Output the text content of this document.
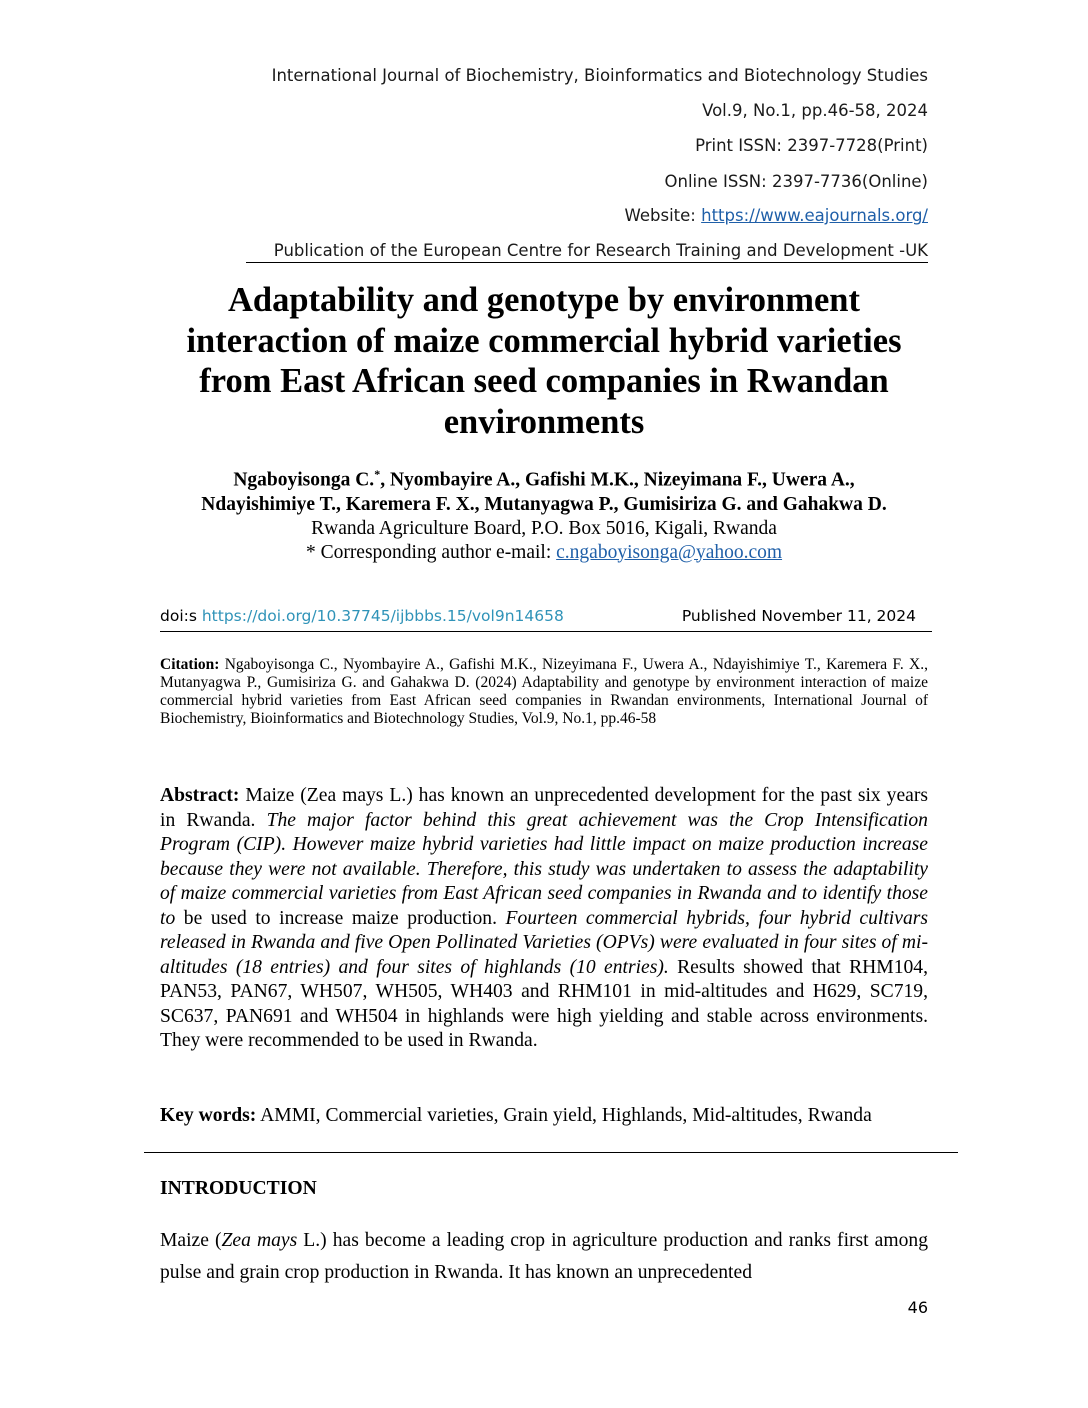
International Journal of Biochemistry, Bioinformatics and Biotechnology Studies
Vol.9, No.1, pp.46-58, 2024
Print ISSN: 2397-7728(Print)
Online ISSN: 2397-7736(Online)
Website: https://www.eajournals.org/
Publication of the European Centre for Research Training and Development -UK
Adaptability and genotype by environment
interaction of maize commercial hybrid varieties
from East African seed companies in Rwandan
environments
Ngaboyisonga C.*, Nyombayire A., Gafishi M.K., Nizeyimana F., Uwera A.,
Ndayishimiye T., Karemera F. X., Mutanyagwa P., Gumisiriza G. and Gahakwa D.
Rwanda Agriculture Board, P.O. Box 5016, Kigali, Rwanda
* Corresponding author e-mail: c.ngaboyisonga@yahoo.com
doi:s https://doi.org/10.37745/ijbbbs.15/vol9n14658	Published November 11, 2024
Citation: Ngaboyisonga C., Nyombayire A., Gafishi M.K., Nizeyimana F., Uwera A., Ndayishimiye T., Karemera F. X., Mutanyagwa P., Gumisiriza G. and Gahakwa D. (2024) Adaptability and genotype by environment interaction of maize commercial hybrid varieties from East African seed companies in Rwandan environments, International Journal of Biochemistry, Bioinformatics and Biotechnology Studies, Vol.9, No.1, pp.46-58
Abstract: Maize (Zea mays L.) has known an unprecedented development for the past six years in Rwanda. The major factor behind this great achievement was the Crop Intensification Program (CIP). However maize hybrid varieties had little impact on maize production increase because they were not available. Therefore, this study was undertaken to assess the adaptability of maize commercial varieties from East African seed companies in Rwanda and to identify those to be used to increase maize production. Fourteen commercial hybrids, four hybrid cultivars released in Rwanda and five Open Pollinated Varieties (OPVs) were evaluated in four sites of mi-altitudes (18 entries) and four sites of highlands (10 entries). Results showed that RHM104, PAN53, PAN67, WH507, WH505, WH403 and RHM101 in mid-altitudes and H629, SC719, SC637, PAN691 and WH504 in highlands were high yielding and stable across environments. They were recommended to be used in Rwanda.
Key words: AMMI, Commercial varieties, Grain yield, Highlands, Mid-altitudes, Rwanda
INTRODUCTION
Maize (Zea mays L.) has become a leading crop in agriculture production and ranks first among pulse and grain crop production in Rwanda. It has known an unprecedented
46
